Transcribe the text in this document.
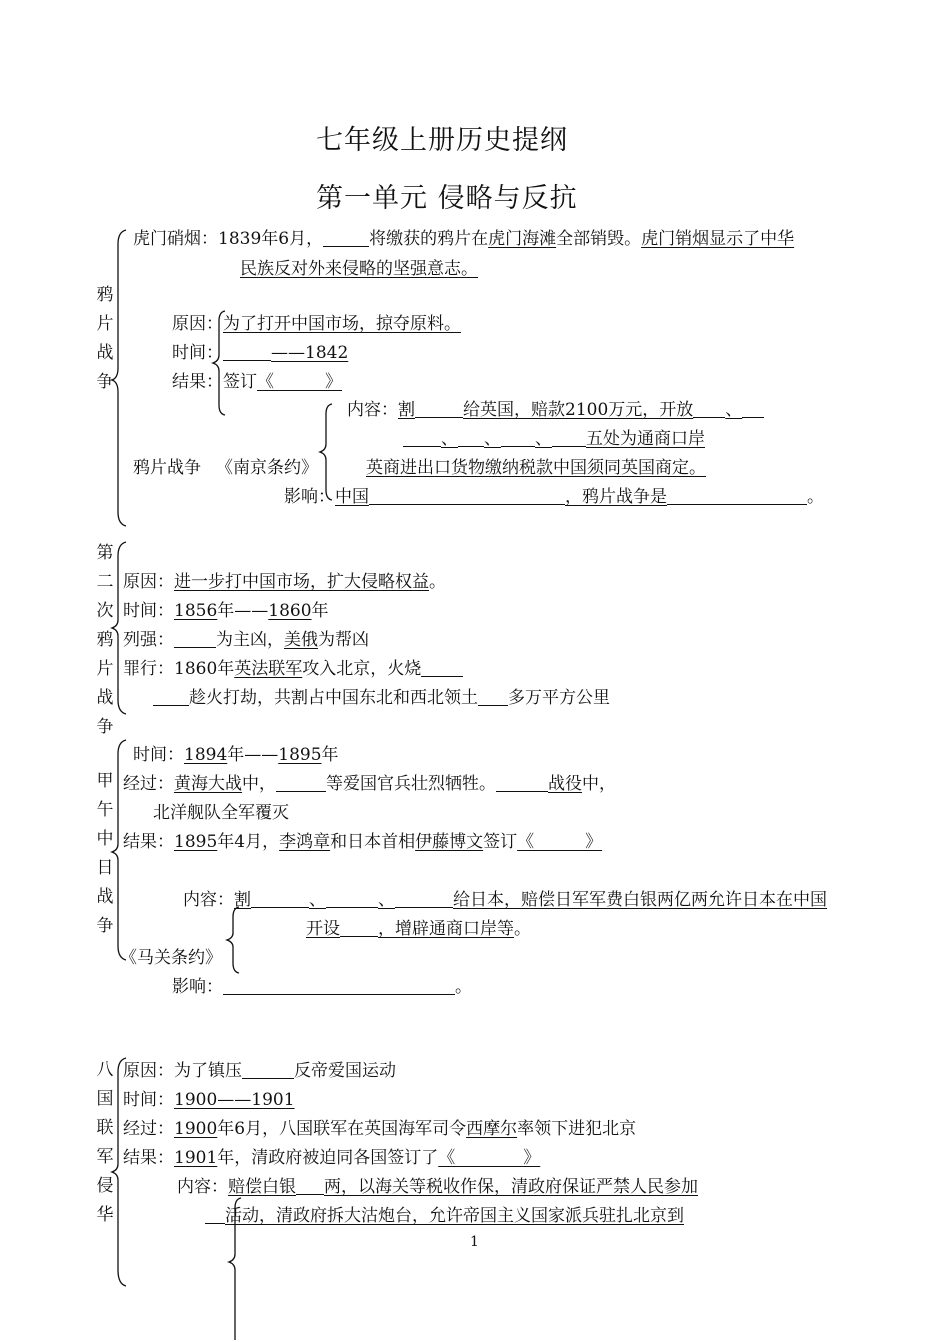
七年级上册历史提纲
第一单元 侵略与反抗
鸦
片
战
争
虎门硝烟：1839年6月，	将缴获的鸦片在虎门海滩全部销毁。虎门销烟显示了中华
民族反对外来侵略的坚强意志。
原因：为了打开中国市场，掠夺原料。
时间：	——1842
结果：签订《　　　》
内容：割	给英国，赔款2100万元，开放 、
、 、 、 五处为通商口岸
鸦片战争 《南京条约》	英商进出口货物缴纳税款中国须同英国商定。
影响：中国	，鸦片战争是	。
第
二
次
鸦
片
战
争
原因：进一步打中国市场，扩大侵略权益。
时间：1856年——1860年
列强： 为主凶，美俄为帮凶
罪行：1860年英法联军攻入北京，火烧
趁火打劫，共割占中国东北和西北领土 多万平方公里
甲
午
中
日
战
争
时间：1894年——1895年
经过：黄海大战中，	等爱国官兵壮烈牺牲。	战役中，
北洋舰队全军覆灭
结果：1895年4月，李鸿章和日本首相伊藤博文签订《　　　》
内容：割	、	、	给日本，赔偿日军军费白银两亿两允许日本在中国
开设 ，增辟通商口岸等。
《马关条约》
影响：	。
八
国
联
军
侵
华
原因：为了镇压	反帝爱国运动
时间：1900——1901
经过：1900年6月，八国联军在英国海军司令西摩尔率领下进犯北京
结果：1901年，清政府被迫同各国签订了《　　　　》
内容：赔偿白银 两，以海关等税收作保，清政府保证严禁人民参加
活动，清政府拆大沽炮台，允许帝国主义国家派兵驻扎北京到
1
